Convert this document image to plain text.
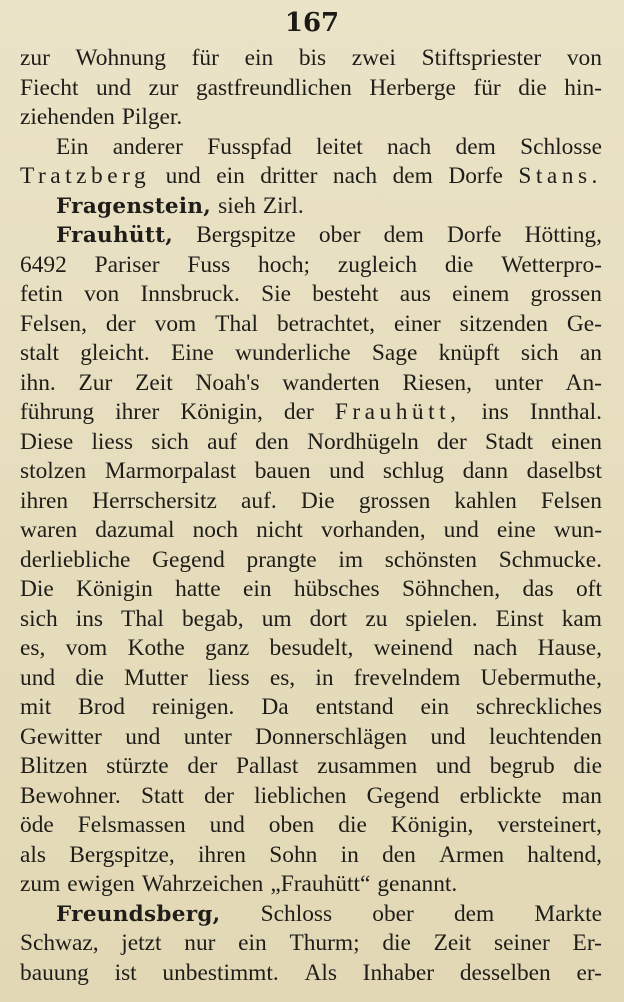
167
zur Wohnung für ein bis zwei Stiftspriester von
Fiecht und zur gastfreundlichen Herberge für die hin-
ziehenden Pilger.
Ein anderer Fusspfad leitet nach dem Schlosse
Tratzberg und ein dritter nach dem Dorfe Stans.
Fragenstein, sieh Zirl.
Frauhütt, Bergspitze ober dem Dorfe Hötting,
6492 Pariser Fuss hoch; zugleich die Wetterpro-
fetin von Innsbruck. Sie besteht aus einem grossen
Felsen, der vom Thal betrachtet, einer sitzenden Ge-
stalt gleicht. Eine wunderliche Sage knüpft sich an
ihn. Zur Zeit Noah's wanderten Riesen, unter An-
führung ihrer Königin, der Frauhütt, ins Innthal.
Diese liess sich auf den Nordhügeln der Stadt einen
stolzen Marmorpalast bauen und schlug dann daselbst
ihren Herrschersitz auf. Die grossen kahlen Felsen
waren dazumal noch nicht vorhanden, und eine wun-
derliebliche Gegend prangte im schönsten Schmucke.
Die Königin hatte ein hübsches Söhnchen, das oft
sich ins Thal begab, um dort zu spielen. Einst kam
es, vom Kothe ganz besudelt, weinend nach Hause,
und die Mutter liess es, in frevelndem Uebermuthe,
mit Brod reinigen. Da entstand ein schreckliches
Gewitter und unter Donnerschlägen und leuchtenden
Blitzen stürzte der Pallast zusammen und begrub die
Bewohner. Statt der lieblichen Gegend erblickte man
öde Felsmassen und oben die Königin, versteinert,
als Bergspitze, ihren Sohn in den Armen haltend,
zum ewigen Wahrzeichen „Frauhütt“ genannt.
Freundsberg, Schloss ober dem Markte
Schwaz, jetzt nur ein Thurm; die Zeit seiner Er-
bauung ist unbestimmt. Als Inhaber desselben er-
